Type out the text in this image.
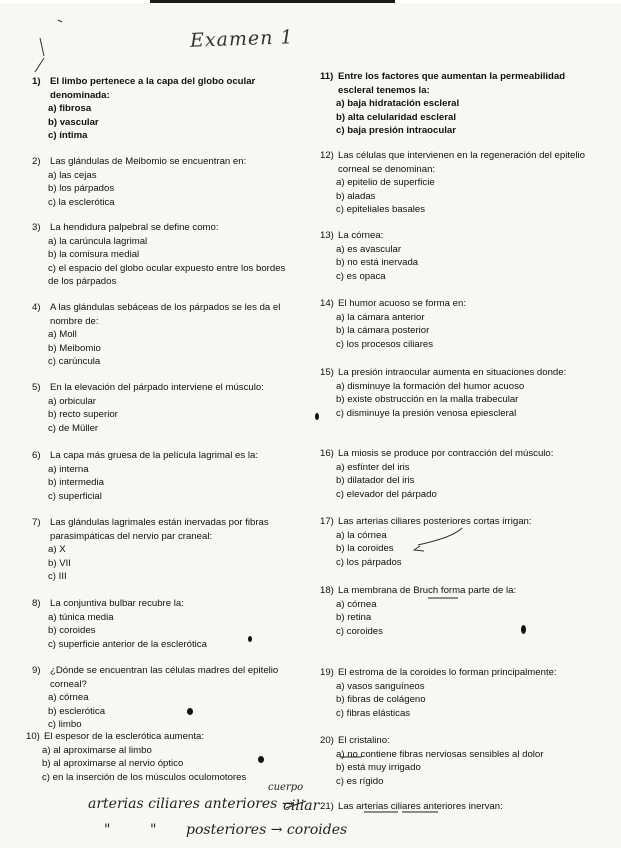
Examen 1
1) El limbo pertenece a la capa del globo ocular denominada:
a) fibrosa
b) vascular
c) íntima
2) Las glándulas de Meibomio se encuentran en:
a) las cejas
b) los párpados
c) la esclerótica
3) La hendidura palpebral se define como:
a) la carúncula lagrimal
b) la comisura medial
c) el espacio del globo ocular expuesto entre los bordes de los párpados
4) A las glándulas sebáceas de los párpados se les da el nombre de:
a) Moll
b) Meibomio
c) carúncula
5) En la elevación del párpado interviene el músculo:
a) orbicular
b) recto superior
c) de Müller
6) La capa más gruesa de la película lagrimal es la:
a) interna
b) intermedia
c) superficial
7) Las glándulas lagrimales están inervadas por fibras parasimpáticas del nervio par craneal:
a) X
b) VII
c) III
8) La conjuntiva bulbar recubre la:
a) túnica media
b) coroides
c) superficie anterior de la esclerótica
9) ¿Dónde se encuentran las células madres del epitelio corneal?
a) córnea
b) esclerótica
c) limbo
10) El espesor de la esclerótica aumenta:
a) al aproximarse al limbo
b) al aproximarse al nervio óptico
c) en la inserción de los músculos oculomotores
11) Entre los factores que aumentan la permeabilidad escleral tenemos la:
a) baja hidratación escleral
b) alta celularidad escleral
c) baja presión intraocular
12) Las células que intervienen en la regeneración del epitelio corneal se denominan:
a) epitelio de superficie
b) aladas
c) epiteliales basales
13) La córnea:
a) es avascular
b) no está inervada
c) es opaca
14) El humor acuoso se forma en:
a) la cámara anterior
b) la cámara posterior
c) los procesos ciliares
15) La presión intraocular aumenta en situaciones donde:
a) disminuye la formación del humor acuoso
b) existe obstrucción en la malla trabecular
c) disminuye la presión venosa epiescleral
16) La miosis se produce por contracción del músculo:
a) esfínter del iris
b) dilatador del iris
c) elevador del párpado
17) Las arterias ciliares posteriores cortas irrigan:
a) la córnea
b) la coroides
c) los párpados
18) La membrana de Bruch forma parte de la:
a) córnea
b) retina
c) coroides
19) El estroma de la coroides lo forman principalmente:
a) vasos sanguíneos
b) fibras de colágeno
c) fibras elásticas
20) El cristalino:
a) no contiene fibras nerviosas sensibles al dolor
b) está muy irrigado
c) es rígido
21) Las arterias ciliares anteriores inervan:
arterias ciliares anteriores →
cuerpo
ciliar
"	" posteriores → coroides
